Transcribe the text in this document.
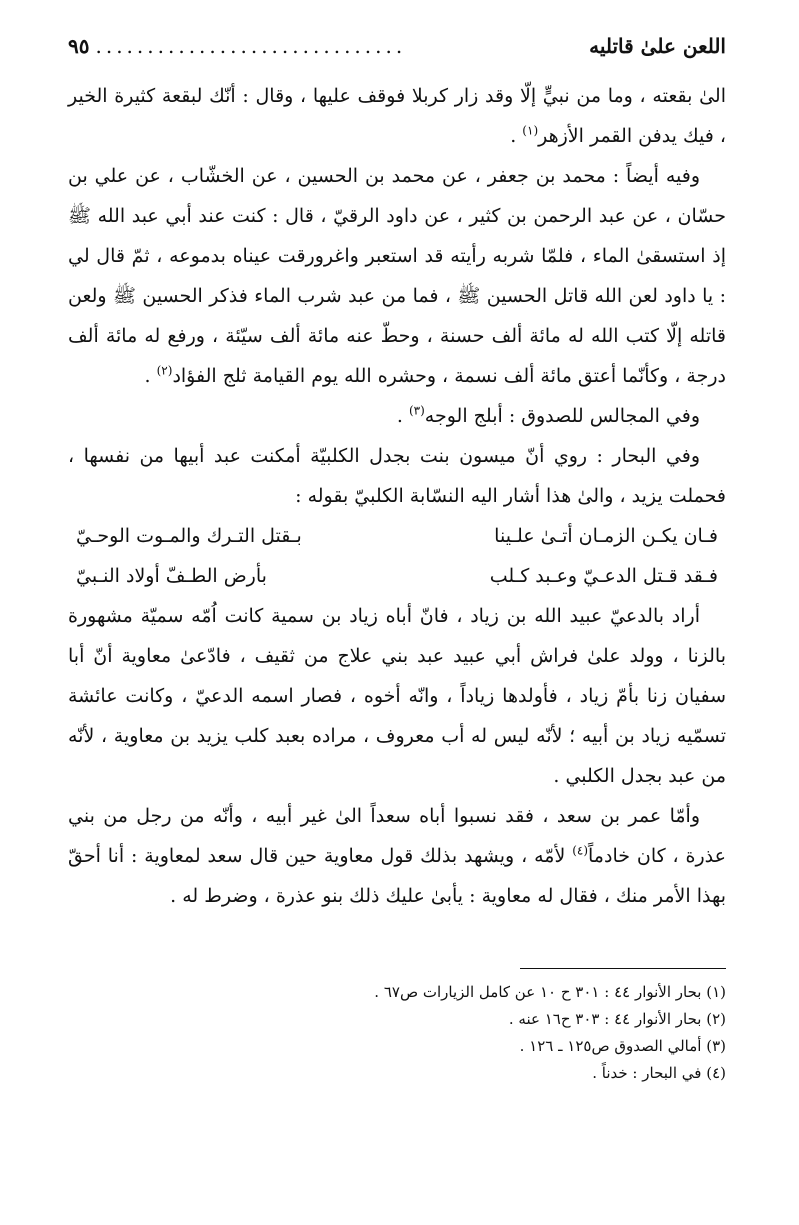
اللعن علىٰ قاتليه
..............................
٩٥

الىٰ بقعته ، وما من نبيٍّ إلّا وقد زار كربلا فوقف عليها ، وقال : أنّك لبقعة كثيرة الخير ، فيك يدفن القمر الأزهر$^{(١)}$ .

وفيه أيضاً : محمد بن جعفر ، عن محمد بن الحسين ، عن الخشّاب ، عن علي بن حسّان ، عن عبد الرحمن بن كثير ، عن داود الرقيّ ، قال : كنت عند أبي عبد الله ﷺ إذ استسقىٰ الماء ، فلمّا شربه رأيته قد استعبر واغرورقت عيناه بدموعه ، ثمّ قال لي : يا داود لعن الله قاتل الحسين ﷺ ، فما من عبد شرب الماء فذكر الحسين ﷺ ولعن قاتله إلّا كتب الله له مائة ألف حسنة ، وحطّ عنه مائة ألف سيّئة ، ورفع له مائة ألف درجة ، وكأنّما أعتق مائة ألف نسمة ، وحشره الله يوم القيامة ثلج الفؤاد$^{(٢)}$ .

وفي المجالس للصدوق : أبلج الوجه$^{(٣)}$ .

وفي البحار : روي أنّ ميسون بنت بجدل الكلبيّة أمكنت عبد أبيها من نفسها ، فحملت يزيد ، والىٰ هذا أشار اليه النسّابة الكلبيّ بقوله :

فـان يكـن الزمـان أتـىٰ علـينا
بـقتل التـرك والمـوت الوحـيّ
فـقد قـتل الدعـيّ وعـبد كـلب
بأرض الطـفّ أولاد النـبيّ

أراد بالدعيّ عبيد الله بن زياد ، فانّ أباه زياد بن سمية كانت اُمّه سميّة مشهورة بالزنا ، وولد علىٰ فراش أبي عبيد عبد بني علاج من ثقيف ، فادّعىٰ معاوية أنّ أبا سفيان زنا بأمّ زياد ، فأولدها زياداً ، وانّه أخوه ، فصار اسمه الدعيّ ، وكانت عائشة تسمّيه زياد بن أبيه ؛ لأنّه ليس له أب معروف ، مراده بعبد كلب يزيد بن معاوية ، لأنّه من عبد بجدل الكلبي .

وأمّا عمر بن سعد ، فقد نسبوا أباه سعداً الىٰ غير أبيه ، وأنّه من رجل من بني عذرة ، كان خادماً$^{(٤)}$ لأمّه ، ويشهد بذلك قول معاوية حين قال سعد لمعاوية : أنا أحقّ بهذا الأمر منك ، فقال له معاوية : يأبىٰ عليك ذلك بنو عذرة ، وضرط له .

(١) بحار الأنوار ٤٤ : ٣٠١ ح ١٠ عن كامل الزيارات ص٦٧ .
(٢) بحار الأنوار ٤٤ : ٣٠٣ ح١٦ عنه .
(٣) أمالي الصدوق ص١٢٥ ـ ١٢٦ .
(٤) في البحار : خدناً .
